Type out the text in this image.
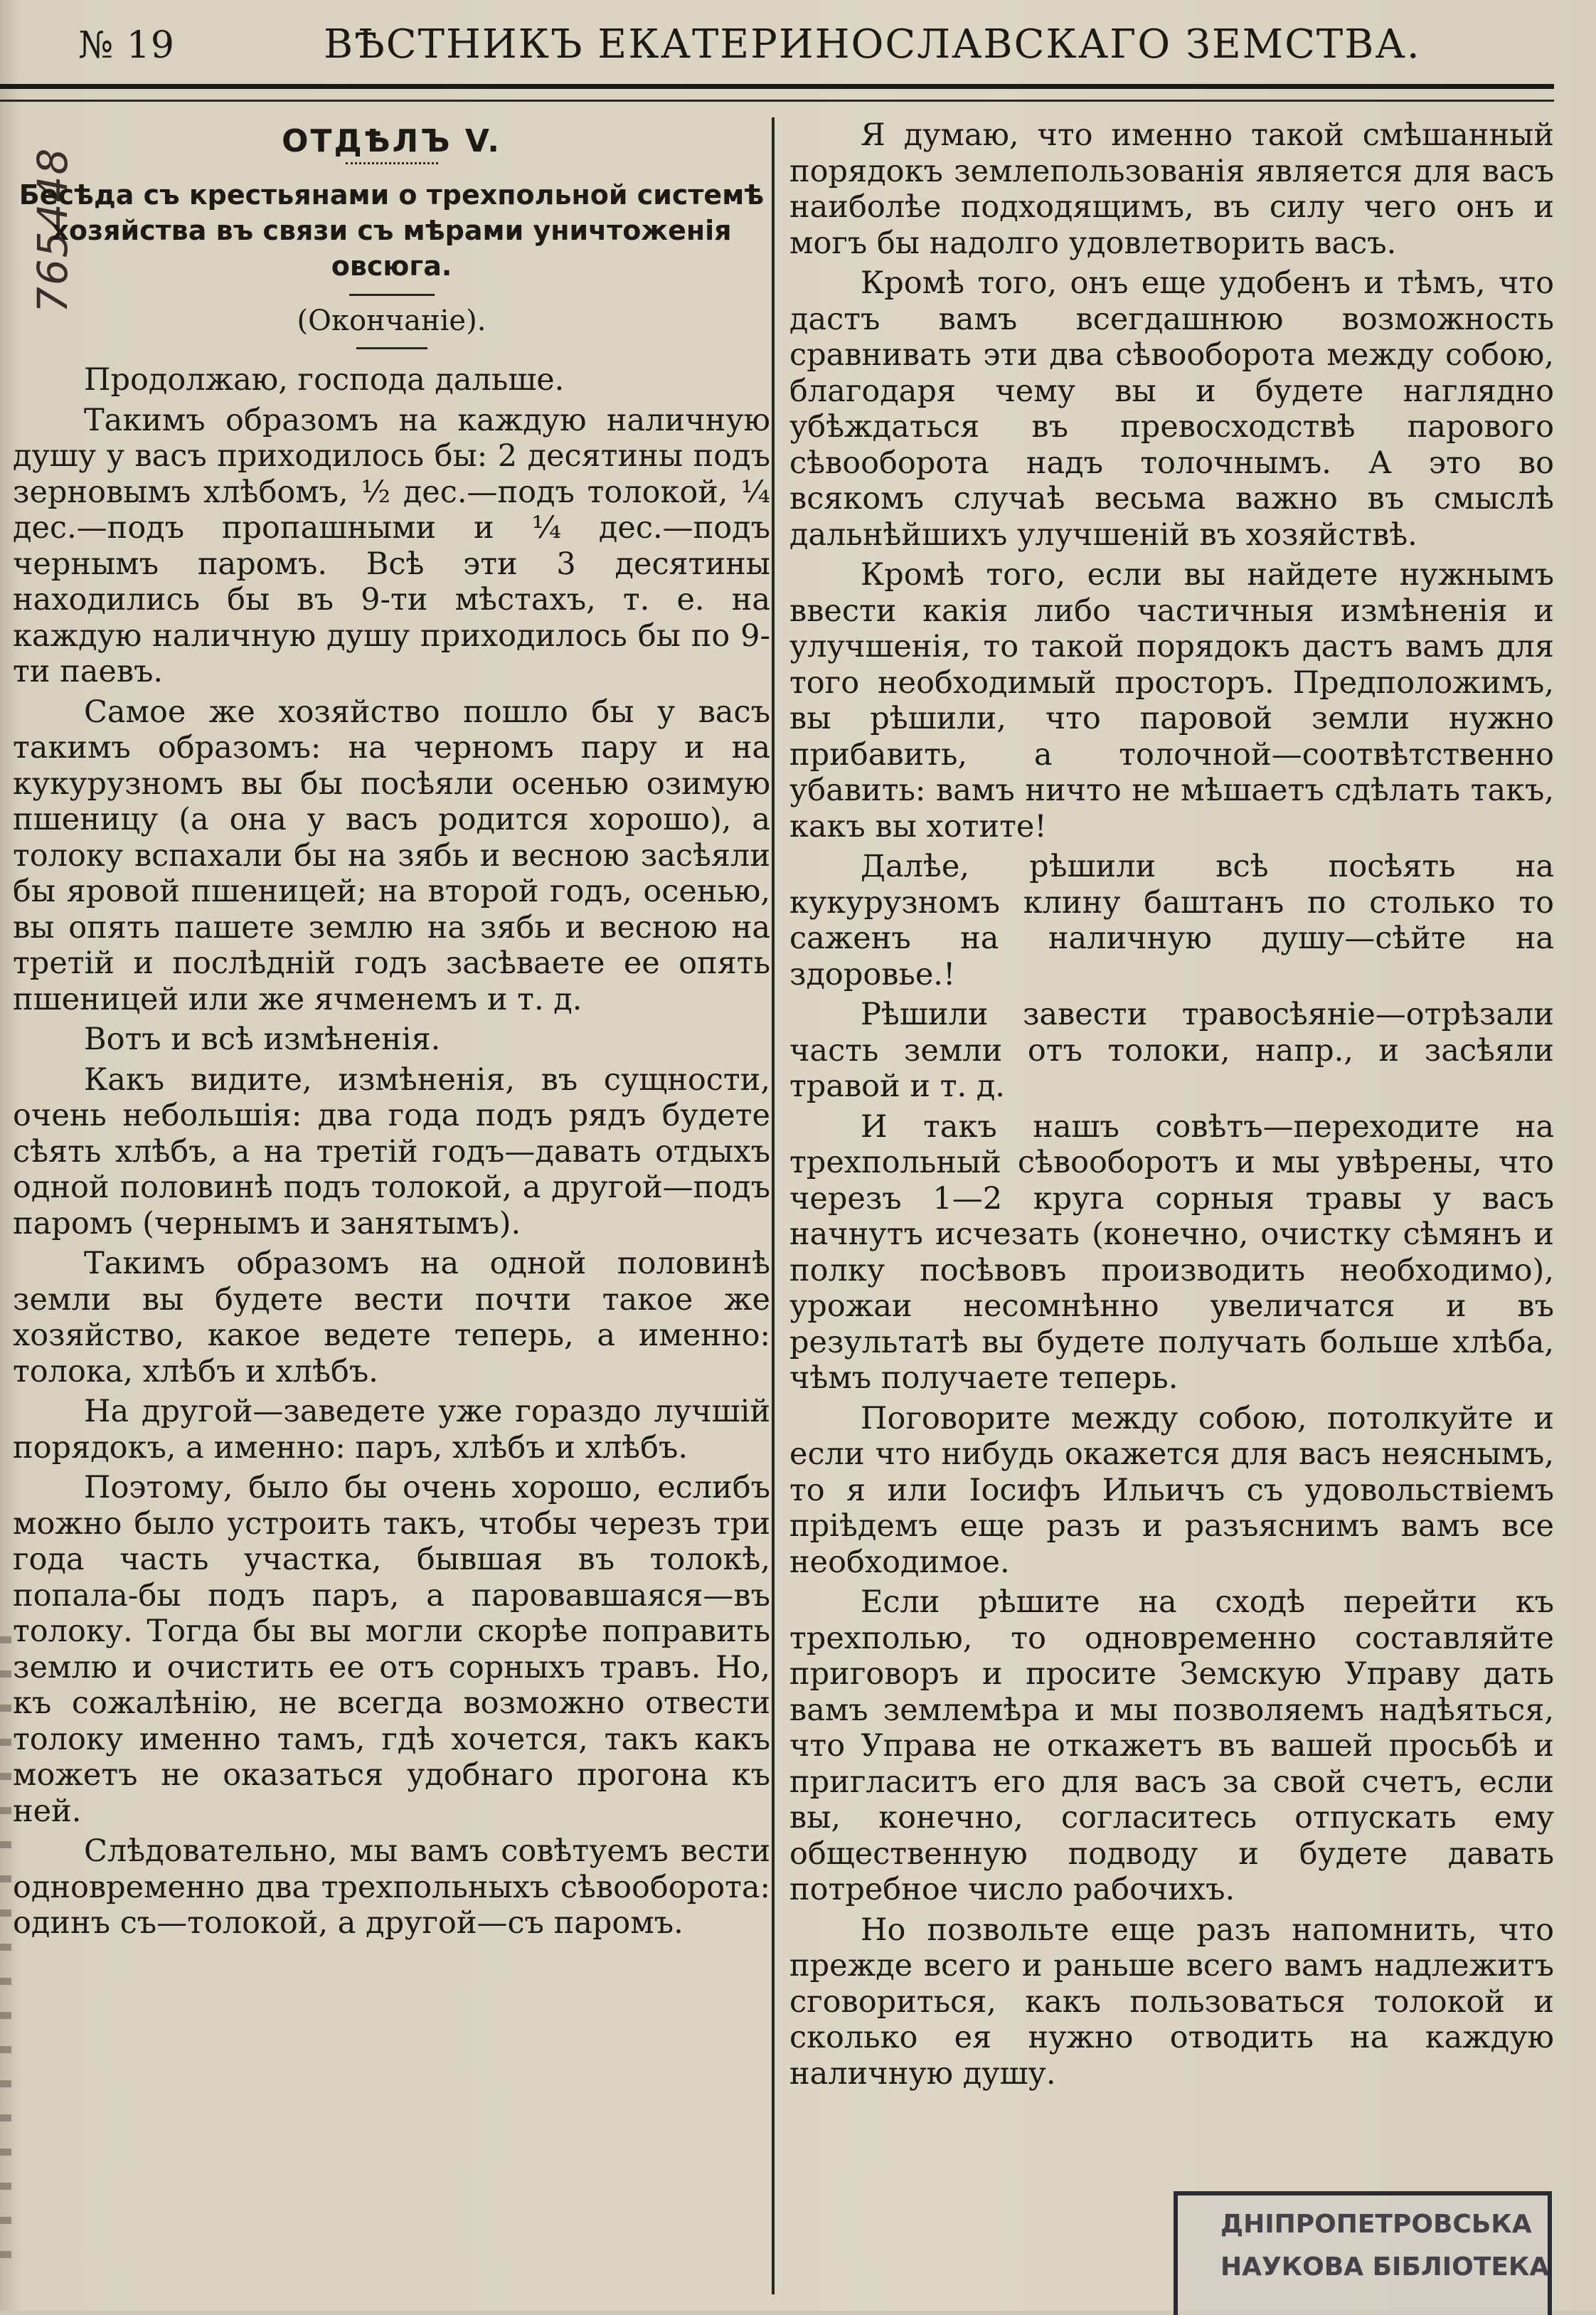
№ 19	ВѢСТНИКЪ ЕКАТЕРИНОСЛАВСКАГО ЗЕМСТВА.
765448
ОТДѢЛЪ V.
Бесѣда съ крестьянами о трехпольной системѣ хозяйства въ связи съ мѣрами уничтоженія овсюга.
(Окончаніе).

Продолжаю, господа дальше.

Такимъ образомъ на каждую наличную душу у васъ приходилось бы: 2 десятины подъ зерновымъ хлѣбомъ, ½ дес.—подъ толокой, ¼ дес.—подъ пропашными и ¼ дес.—подъ чернымъ паромъ. Всѣ эти 3 десятины находились бы въ 9-ти мѣстахъ, т. е. на каждую наличную душу приходилось бы по 9-ти паевъ.

Самое же хозяйство пошло бы у васъ такимъ образомъ: на черномъ пару и на кукурузномъ вы бы посѣяли осенью озимую пшеницу (а она у васъ родится хорошо), а толоку вспахали бы на зябь и весною засѣяли бы яровой пшеницей; на второй годъ, осенью, вы опять пашете землю на зябь и весною на третій и послѣдній годъ засѣваете ее опять пшеницей или же ячменемъ и т. д.

Вотъ и всѣ измѣненія.

Какъ видите, измѣненія, въ сущности, очень небольшія: два года подъ рядъ будете сѣять хлѣбъ, а на третій годъ—давать отдыхъ одной половинѣ подъ толокой, а другой—подъ паромъ (чернымъ и занятымъ).

Такимъ образомъ на одной половинѣ земли вы будете вести почти такое же хозяйство, какое ведете теперь, а именно: толока, хлѣбъ и хлѣбъ.

На другой—заведете уже гораздо лучшій порядокъ, а именно: паръ, хлѣбъ и хлѣбъ.

Поэтому, было бы очень хорошо, еслибъ можно было устроить такъ, чтобы черезъ три года часть участка, бывшая въ толокѣ, попала-бы подъ паръ, а паровавшаяся—въ толоку. Тогда бы вы могли скорѣе поправить землю и очистить ее отъ сорныхъ травъ. Но, къ сожалѣнію, не всегда возможно отвести толоку именно тамъ, гдѣ хочется, такъ какъ можетъ не оказаться удобнаго прогона къ ней.

Слѣдовательно, мы вамъ совѣтуемъ вести одновременно два трехпольныхъ сѣвооборота: одинъ съ—толокой, а другой—съ паромъ.

Я думаю, что именно такой смѣшанный порядокъ землепользованія является для васъ наиболѣе подходящимъ, въ силу чего онъ и могъ бы надолго удовлетворить васъ.

Кромѣ того, онъ еще удобенъ и тѣмъ, что дастъ вамъ всегдашнюю возможность сравнивать эти два сѣвооборота между собою, благодаря чему вы и будете наглядно убѣждаться въ превосходствѣ парового сѣвооборота надъ толочнымъ. А это во всякомъ случаѣ весьма важно въ смыслѣ дальнѣйшихъ улучшеній въ хозяйствѣ.

Кромѣ того, если вы найдете нужнымъ ввести какія либо частичныя измѣненія и улучшенія, то такой порядокъ дастъ вамъ для того необходимый просторъ. Предположимъ, вы рѣшили, что паровой земли нужно прибавить, а толочной—соотвѣтственно убавить: вамъ ничто не мѣшаетъ сдѣлать такъ, какъ вы хотите!

Далѣе, рѣшили всѣ посѣять на кукурузномъ клину баштанъ по столько то саженъ на наличную душу—сѣйте на здоровье.!

Рѣшили завести травосѣяніе—отрѣзали часть земли отъ толоки, напр., и засѣяли травой и т. д.

И такъ нашъ совѣтъ—переходите на трехпольный сѣвооборотъ и мы увѣрены, что черезъ 1—2 круга сорныя травы у васъ начнутъ исчезать (конечно, очистку сѣмянъ и полку посѣвовъ производить необходимо), урожаи несомнѣнно увеличатся и въ результатѣ вы будете получать больше хлѣба, чѣмъ получаете теперь.

Поговорите между собою, потолкуйте и если что нибудь окажется для васъ неяснымъ, то я или Іосифъ Ильичъ съ удовольствіемъ пріѣдемъ еще разъ и разъяснимъ вамъ все необходимое.

Если рѣшите на сходѣ перейти къ трехполью, то одновременно составляйте приговоръ и просите Земскую Управу дать вамъ землемѣра и мы позволяемъ надѣяться, что Управа не откажетъ въ вашей просьбѣ и пригласитъ его для васъ за свой счетъ, если вы, конечно, согласитесь отпускать ему общественную подводу и будете давать потребное число рабочихъ.

Но позвольте еще разъ напомнить, что прежде всего и раньше всего вамъ надлежитъ сговориться, какъ пользоваться толокой и сколько ея нужно отводить на каждую наличную душу.

ДНІПРОПЕТРОВСЬКА
НАУКОВА БІБЛІОТЕКА
